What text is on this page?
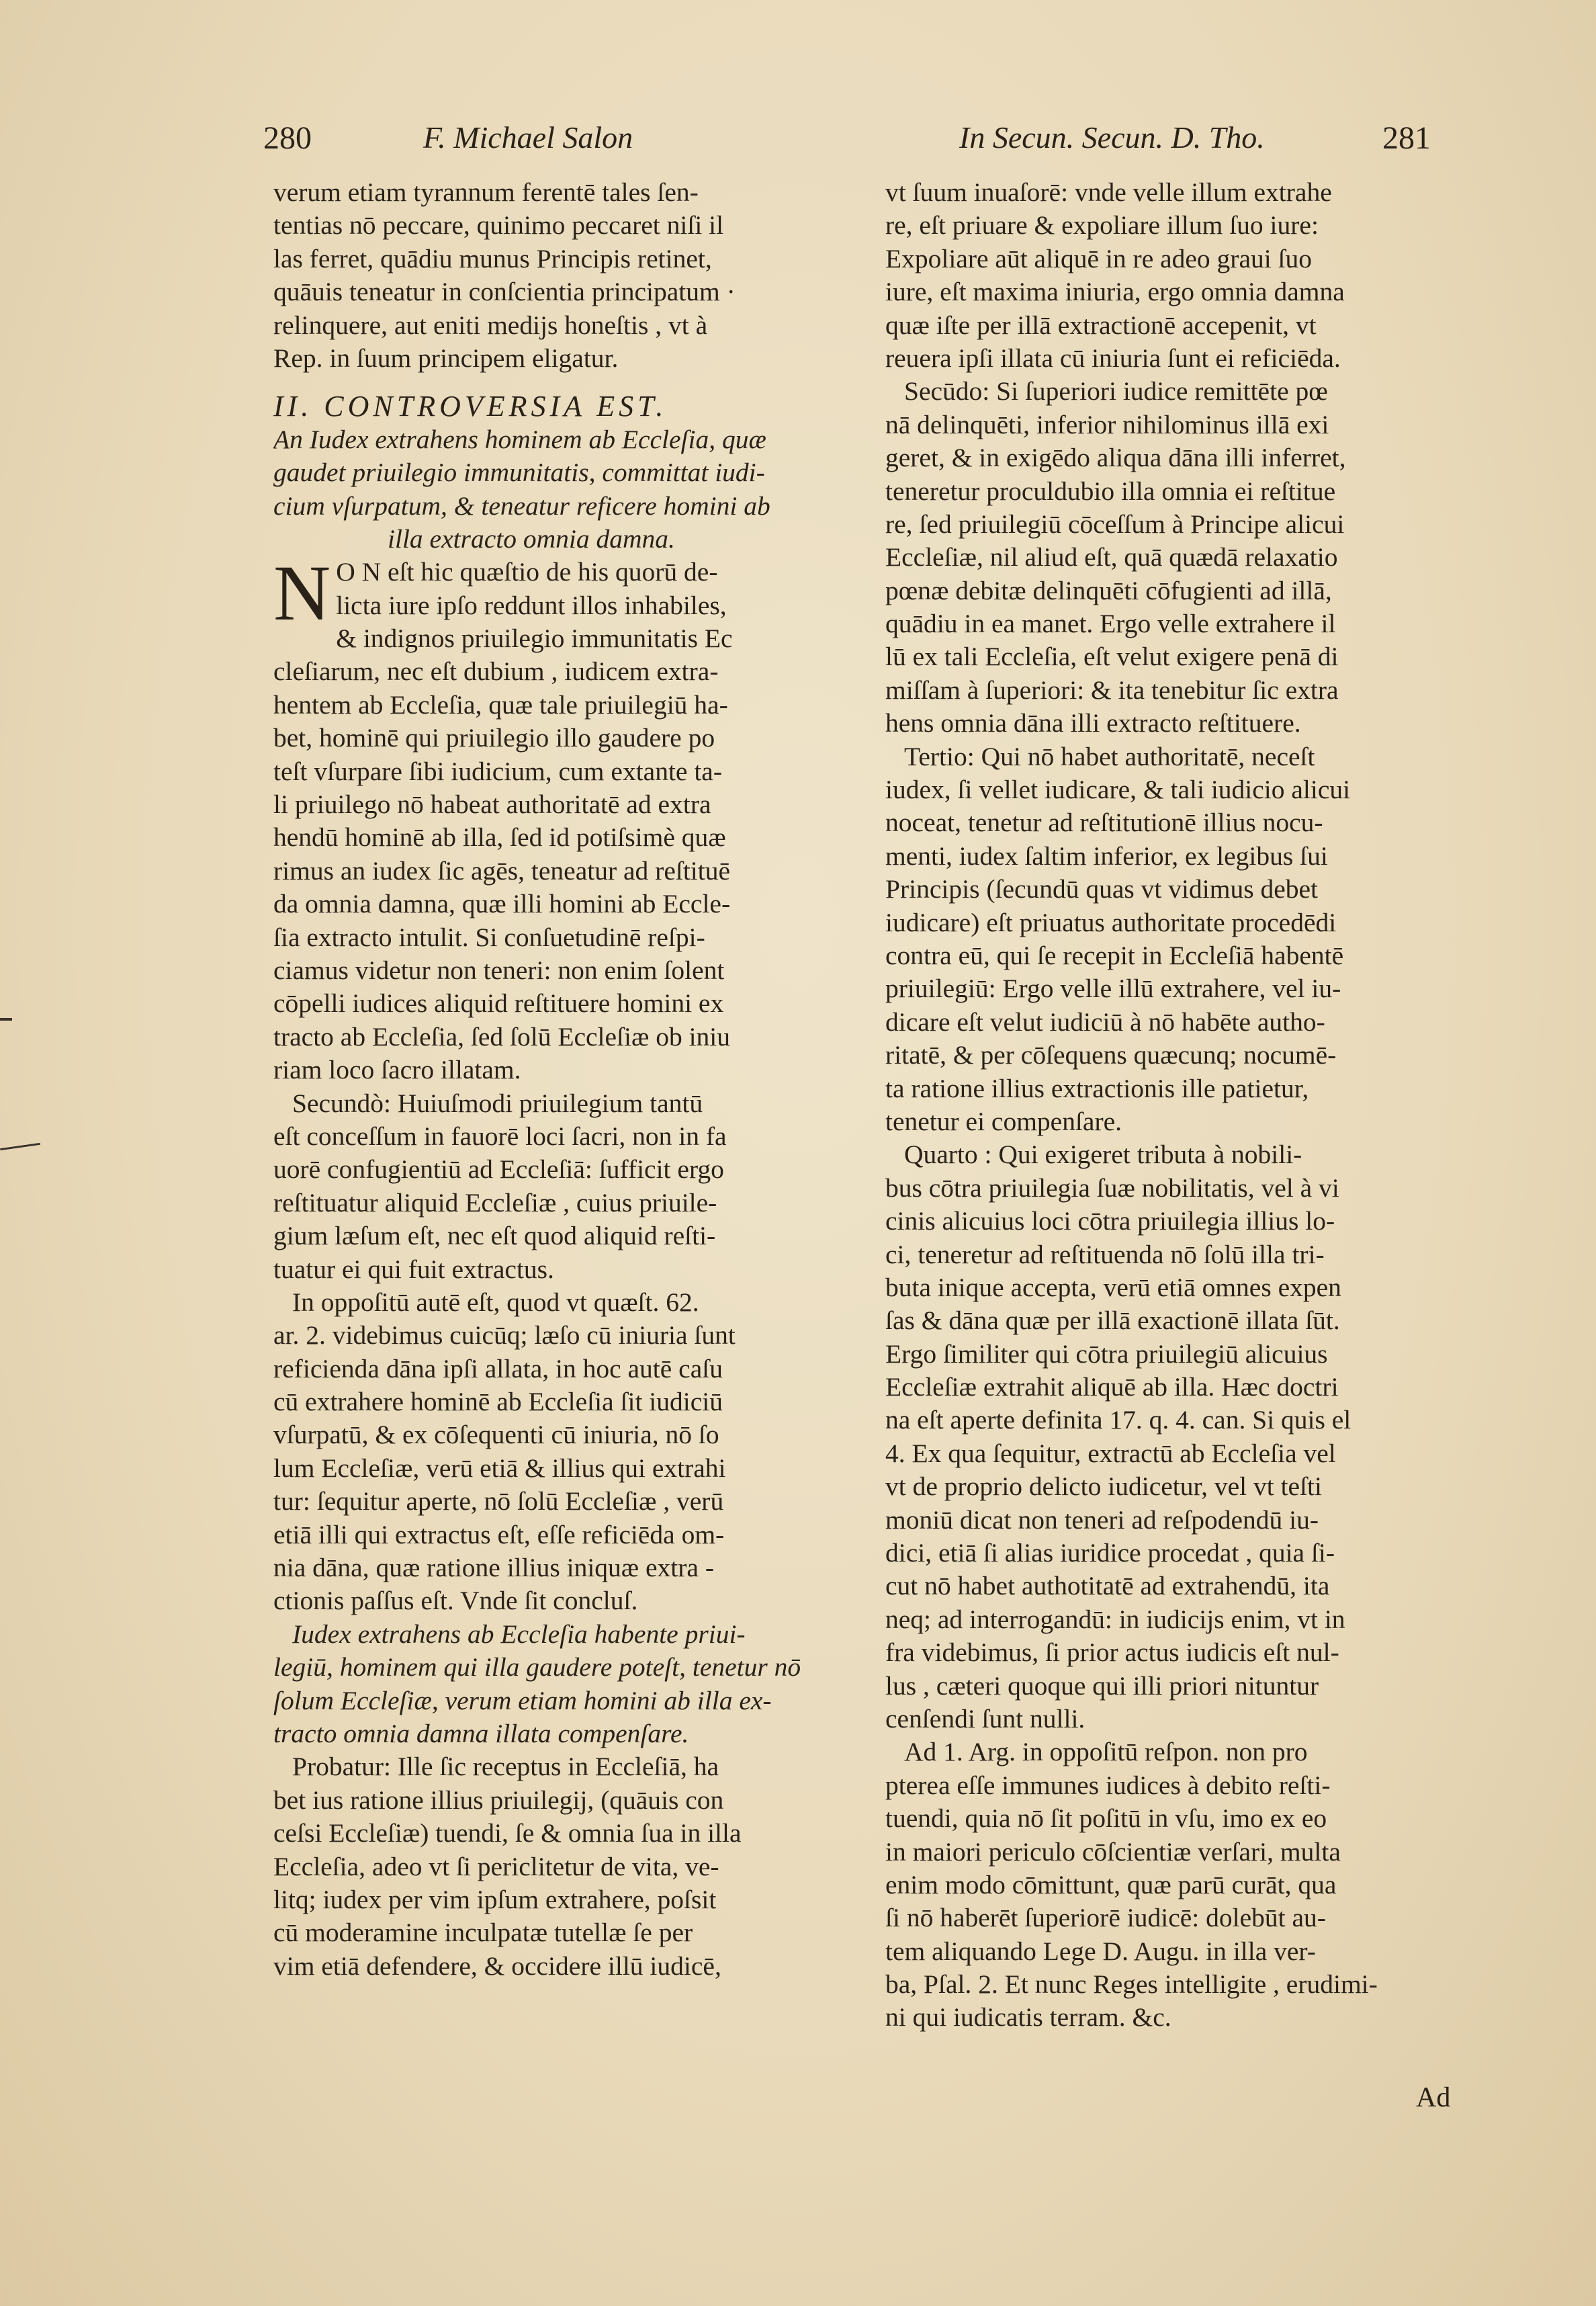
280	F. Michael Salon	In Secun. Secun. D. Tho.	281
verum etiam tyrannum ferentē tales ſen-
tentias nō peccare, quinimo peccaret niſi il
las ferret, quādiu munus Principis retinet,
quāuis teneatur in conſcientia principatum ·
relinquere, aut eniti medijs honeſtis , vt à
Rep. in ſuum principem eligatur.
II. CONTROVERSIA EST.
An Iudex extrahens hominem ab Eccleſia, quæ
gaudet priuilegio immunitatis, committat iudi-
cium vſurpatum, & teneatur reficere homini ab
illa extracto omnia damna.
N O N eſt hic quæſtio de his quorū de-
licta iure ipſo reddunt illos inhabiles,
& indignos priuilegio immunitatis Ec
cleſiarum, nec eſt dubium , iudicem extra-
hentem ab Eccleſia, quæ tale priuilegiū ha-
bet, hominē qui priuilegio illo gaudere po
teſt vſurpare ſibi iudicium, cum extante ta-
li priuilego nō habeat authoritatē ad extra
hendū hominē ab illa, ſed id potiſsimè quæ
rimus an iudex ſic agēs, teneatur ad reſtituē
da omnia damna, quæ illi homini ab Eccle-
ſia extracto intulit. Si conſuetudinē reſpi-
ciamus videtur non teneri: non enim ſolent
cōpelli iudices aliquid reſtituere homini ex
tracto ab Eccleſia, ſed ſolū Eccleſiæ ob iniu
riam loco ſacro illatam.
Secundò: Huiuſmodi priuilegium tantū
eſt conceſſum in fauorē loci ſacri, non in fa
uorē confugientiū ad Eccleſiā: ſufficit ergo
reſtituatur aliquid Eccleſiæ , cuius priuile-
gium læſum eſt, nec eſt quod aliquid reſti-
tuatur ei qui fuit extractus.
In oppoſitū autē eſt, quod vt quæſt. 62.
ar. 2. videbimus cuicūq; læſo cū iniuria ſunt
reficienda dāna ipſi allata, in hoc autē caſu
cū extrahere hominē ab Eccleſia ſit iudiciū
vſurpatū, & ex cōſequenti cū iniuria, nō ſo
lum Eccleſiæ, verū etiā & illius qui extrahi
tur: ſequitur aperte, nō ſolū Eccleſiæ , verū
etiā illi qui extractus eſt, eſſe reficiēda om-
nia dāna, quæ ratione illius iniquæ extra -
ctionis paſſus eſt. Vnde ſit concluſ.
Iudex extrahens ab Eccleſia habente priui-
legiū, hominem qui illa gaudere poteſt, tenetur nō
ſolum Eccleſiæ, verum etiam homini ab illa ex-
tracto omnia damna illata compenſare.
Probatur: Ille ſic receptus in Eccleſiā, ha
bet ius ratione illius priuilegij, (quāuis con
ceſsi Eccleſiæ) tuendi, ſe & omnia ſua in illa
Eccleſia, adeo vt ſi periclitetur de vita, ve-
litq; iudex per vim ipſum extrahere, poſsit
cū moderamine inculpatæ tutellæ ſe per
vim etiā defendere, & occidere illū iudicē,
vt ſuum inuaſorē: vnde velle illum extrahe
re, eſt priuare & expoliare illum ſuo iure:
Expoliare aūt aliquē in re adeo graui ſuo
iure, eſt maxima iniuria, ergo omnia damna
quæ iſte per illā extractionē accepenit, vt
reuera ipſi illata cū iniuria ſunt ei reficiēda.
Secūdo: Si ſuperiori iudice remittēte pœ
nā delinquēti, inferior nihilominus illā exi
geret, & in exigēdo aliqua dāna illi inferret,
teneretur proculdubio illa omnia ei reſtitue
re, ſed priuilegiū cōceſſum à Principe alicui
Eccleſiæ, nil aliud eſt, quā quædā relaxatio
pœnæ debitæ delinquēti cōfugienti ad illā,
quādiu in ea manet. Ergo velle extrahere il
lū ex tali Eccleſia, eſt velut exigere penā di
miſſam à ſuperiori: & ita tenebitur ſic extra
hens omnia dāna illi extracto reſtituere.
Tertio: Qui nō habet authoritatē, neceſt
iudex, ſi vellet iudicare, & tali iudicio alicui
noceat, tenetur ad reſtitutionē illius nocu-
menti, iudex ſaltim inferior, ex legibus ſui
Principis (ſecundū quas vt vidimus debet
iudicare) eſt priuatus authoritate procedēdi
contra eū, qui ſe recepit in Eccleſiā habentē
priuilegiū: Ergo velle illū extrahere, vel iu-
dicare eſt velut iudiciū à nō habēte autho-
ritatē, & per cōſequens quæcunq; nocumē-
ta ratione illius extractionis ille patietur,
tenetur ei compenſare.
Quarto : Qui exigeret tributa à nobili-
bus cōtra priuilegia ſuæ nobilitatis, vel à vi
cinis alicuius loci cōtra priuilegia illius lo-
ci, teneretur ad reſtituenda nō ſolū illa tri-
buta inique accepta, verū etiā omnes expen
ſas & dāna quæ per illā exactionē illata ſūt.
Ergo ſimiliter qui cōtra priuilegiū alicuius
Eccleſiæ extrahit aliquē ab illa. Hæc doctri
na eſt aperte definita 17. q. 4. can. Si quis el
4. Ex qua ſequitur, extractū ab Eccleſia vel
vt de proprio delicto iudicetur, vel vt teſti
moniū dicat non teneri ad reſpodendū iu-
dici, etiā ſi alias iuridice procedat , quia ſi-
cut nō habet authotitatē ad extrahendū, ita
neq; ad interrogandū: in iudicijs enim, vt in
fra videbimus, ſi prior actus iudicis eſt nul-
lus , cæteri quoque qui illi priori nituntur
cenſendi ſunt nulli.
Ad 1. Arg. in oppoſitū reſpon. non pro
pterea eſſe immunes iudices à debito reſti-
tuendi, quia nō ſit poſitū in vſu, imo ex eo
in maiori periculo cōſcientiæ verſari, multa
enim modo cōmittunt, quæ parū curāt, qua
ſi nō haberēt ſuperiorē iudicē: dolebūt au-
tem aliquando Lege D. Augu. in illa ver-
ba, Pſal. 2. Et nunc Reges intelligite , erudimi-
ni qui iudicatis terram. &c.
Ad
